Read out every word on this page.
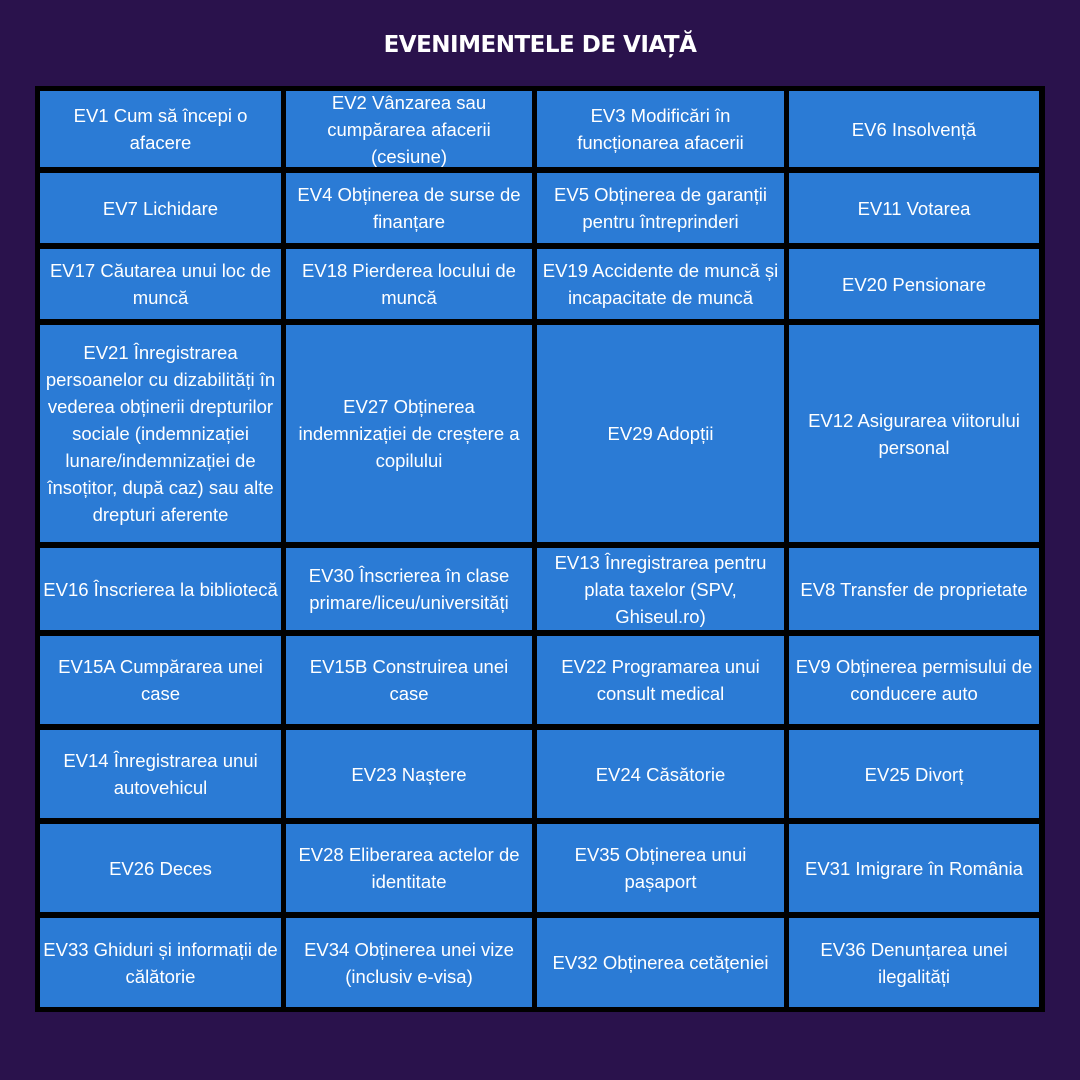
EVENIMENTELE DE VIAȚĂ
EV1 Cum să începi o afacere
EV2 Vânzarea sau cumpărarea afacerii (cesiune)
EV3 Modificări în funcționarea afacerii
EV6 Insolvență
EV7 Lichidare
EV4 Obținerea de surse de finanțare
EV5 Obținerea de garanții pentru întreprinderi
EV11 Votarea
EV17 Căutarea unui loc de muncă
EV18 Pierderea locului de muncă
EV19 Accidente de muncă și incapacitate de muncă
EV20 Pensionare
EV21 Înregistrarea persoanelor cu dizabilități în vederea obținerii drepturilor sociale (indemnizației lunare/indemnizației de însoțitor, după caz) sau alte drepturi aferente
EV27 Obținerea indemnizației de creștere a copilului
EV29 Adopții
EV12 Asigurarea viitorului personal
EV16 Înscrierea la bibliotecă
EV30 Înscrierea în clase primare/liceu/universități
EV13 Înregistrarea pentru plata taxelor (SPV, Ghiseul.ro)
EV8 Transfer de proprietate
EV15A Cumpărarea unei case
EV15B Construirea unei case
EV22 Programarea unui consult medical
EV9 Obținerea permisului de conducere auto
EV14 Înregistrarea unui autovehicul
EV23 Naștere	EV24 Căsătorie	EV25 Divorț
EV26 Deces
EV28 Eliberarea actelor de identitate
EV35 Obținerea unui pașaport
EV31 Imigrare în România
EV33 Ghiduri și informații de călătorie
EV34 Obținerea unei vize (inclusiv e-visa)
EV32 Obținerea cetățeniei
EV36 Denunțarea unei ilegalități
